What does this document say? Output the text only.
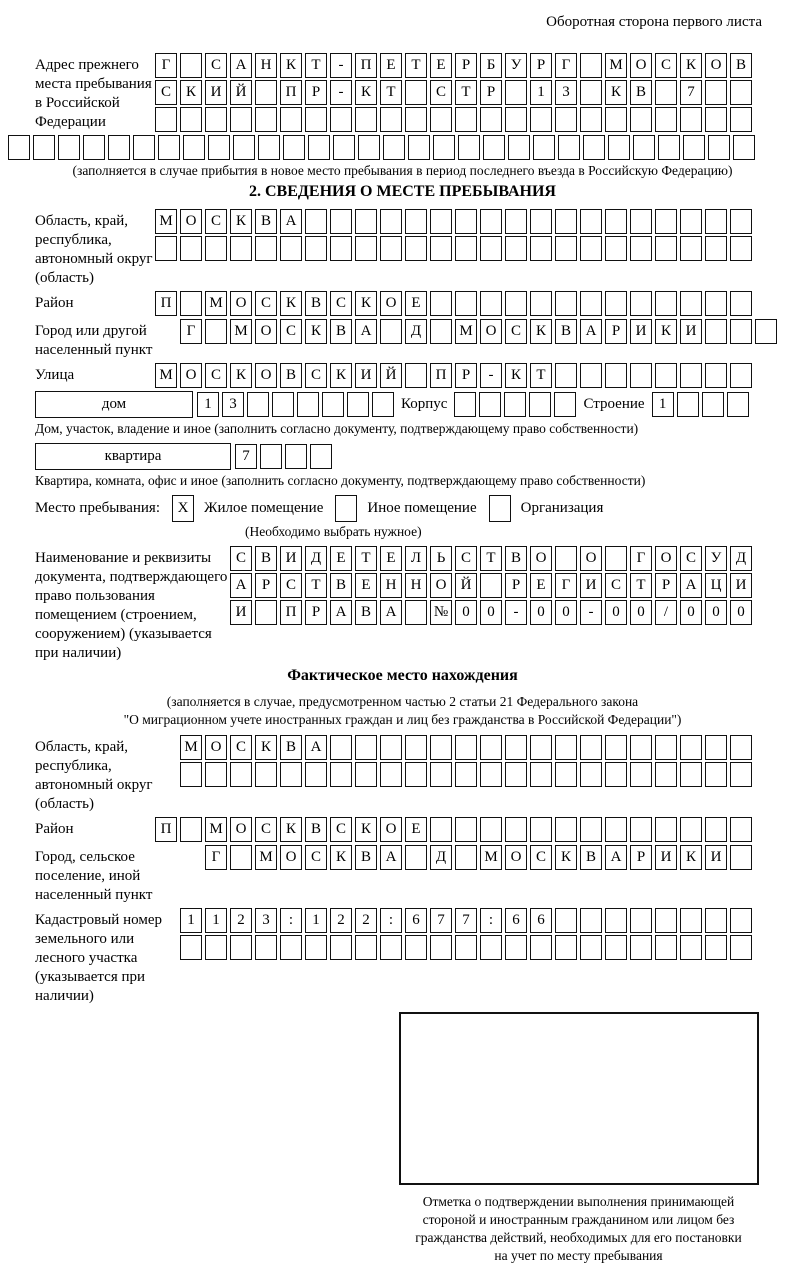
Оборотная сторона первого листа
Адрес прежнего места пребывания в Российской Федерации
Г	С А Н К	Т	-	П Е	Т	Е	Р	Б	У	Р	Г	М О С К О В
С К И Й	П	Р	-	К	Т	С	Т	Р	1	3	К В	7
(заполняется в случае прибытия в новое место пребывания в период последнего въезда в Российскую Федерацию)
2. СВЕДЕНИЯ О МЕСТЕ ПРЕБЫВАНИЯ
Область, край, республика, автономный округ (область)
М О С К В А
Район	П	М О С К В С К О Е
Город или другой населенный пункт
Г	М О С К В А	Д	М О С К В А	Р	И К И
Улица	М О С К О В С К И Й	П	Р	-	К	Т
дом	1	3	Корпус	Строение 1
Дом, участок, владение и иное (заполнить согласно документу, подтверждающему право собственности)
квартира	7
Квартира, комната, офис и иное (заполнить согласно документу, подтверждающему право собственности)
Место пребывания:	X	Жилое помещение	Иное помещение	Организация
(Необходимо выбрать нужное)
Наименование и реквизиты документа, подтверждающего право пользования помещением (строением, сооружением) (указывается при наличии)
С В И Д	Е	Т	Е	Л	Ь	С	Т	В О	О	Г	О С У Д
А	Р	С	Т	В	Е	Н Н О Й	Р	Е	Г	И С	Т	Р	А Ц И
И	П	Р	А В А	№ 0	0	-	0	0	-	0	0	/	0	0	0
Фактическое место нахождения
(заполняется в случае, предусмотренном частью 2 статьи 21 Федерального закона
"О миграционном учете иностранных граждан и лиц без гражданства в Российской Федерации")
Область, край, республика, автономный округ (область)
М О С К В А
Район	П	М О С К В С К О Е
Город, сельское поселение, иной населенный пункт
Г	М О С К В А	Д	М О С К В А	Р	И К И
Кадастровый номер земельного или лесного участка (указывается при наличии)
1	1	2	3	:	1	2	2	:	6	7	7	:	6	6
Отметка о подтверждении выполнения принимающей
стороной и иностранным гражданином или лицом без
гражданства действий, необходимых для его постановки
на учет по месту пребывания
